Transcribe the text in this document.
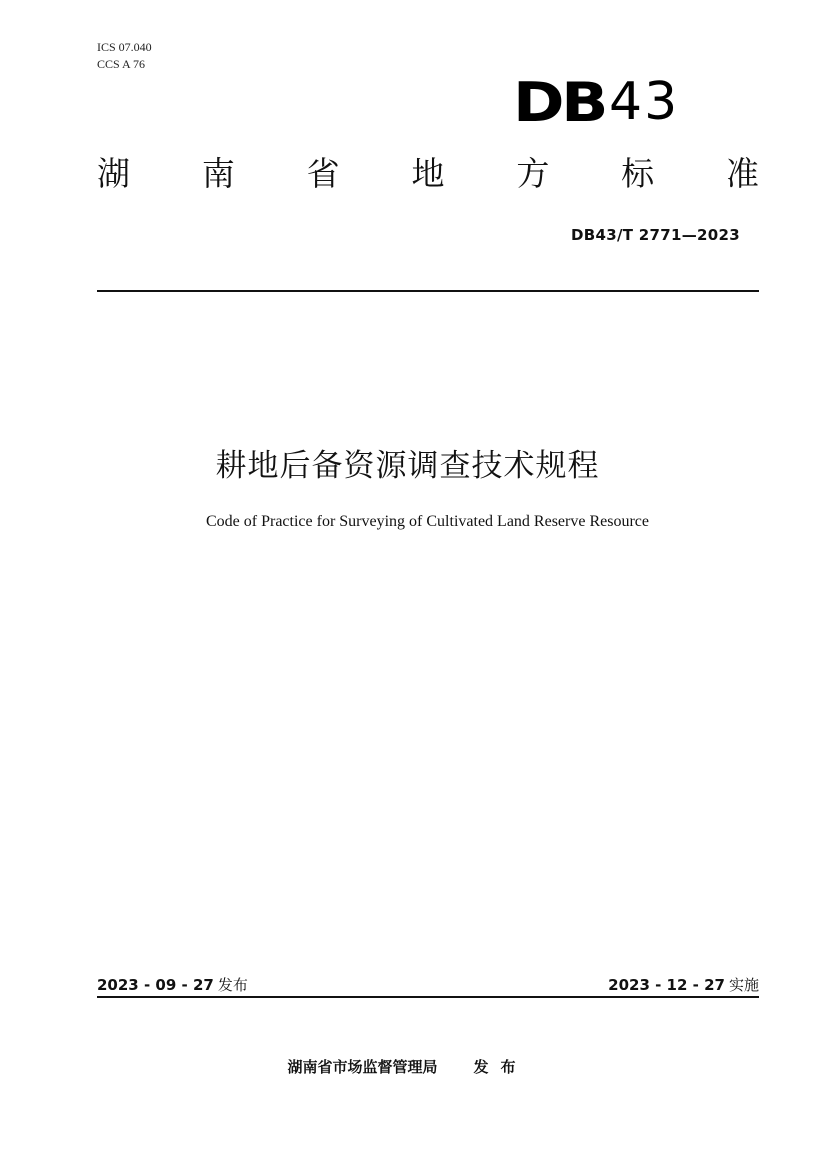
ICS 07.040
CCS A 76
DB 43
湖 南 省 地 方 标 准
DB43/T 2771—2023
耕地后备资源调查技术规程
Code of Practice for Surveying of Cultivated Land Reserve Resource
2023 - 09 - 27 发布	2023 - 12 - 27 实施
湖南省市场监督管理局 发布
